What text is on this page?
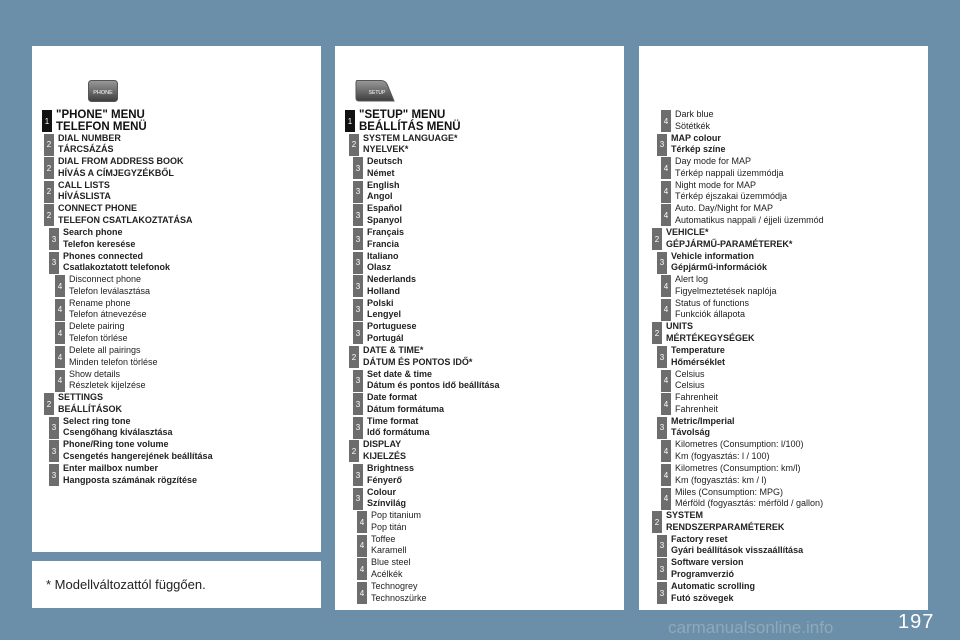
PHONE
1 "PHONE" MENU
TELEFON MENÜ
2
DIAL NUMBER
TÁRCSÁZÁS
2
DIAL FROM ADDRESS BOOK
HÍVÁS A CÍMJEGYZÉKBŐL
2
CALL LISTS
HÍVÁSLISTA
2
CONNECT PHONE
TELEFON CSATLAKOZTATÁSA
3
Search phone
Telefon keresése
3
Phones connected
Csatlakoztatott telefonok
4
Disconnect phone
Telefon leválasztása
4
Rename phone
Telefon átnevezése
4
Delete pairing
Telefon törlése
4
Delete all pairings
Minden telefon törlése
4
Show details
Részletek kijelzése
2
SETTINGS
BEÁLLÍTÁSOK
3
Select ring tone
Csengőhang kiválasztása
3
Phone/Ring tone volume
Csengetés hangerejének beállítása
3
Enter mailbox number
Hangposta számának rögzítése
SETUP
1 "SETUP" MENU
BEÁLLÍTÁS MENÜ
2
SYSTEM LANGUAGE*
NYELVEK*
3
Deutsch
Német
3
English
Angol
3
Español
Spanyol
3
Français
Francia
3
Italiano
Olasz
3
Nederlands
Holland
3
Polski
Lengyel
3
Portuguese
Portugál
2
DATE & TIME*
DÁTUM ÉS PONTOS IDŐ*
3
Set date & time
Dátum és pontos idő beállítása
3
Date format
Dátum formátuma
3
Time format
Idő formátuma
2
DISPLAY
KIJELZÉS
3
Brightness
Fényerő
3
Colour
Színvilág
4
Pop titanium
Pop titán
4
Toffee
Karamell
4
Blue steel
Acélkék
4
Technogrey
Technoszürke
4
Dark blue
Sötétkék
3
MAP colour
Térkép színe
4
Day mode for MAP
Térkép nappali üzemmódja
4
Night mode for MAP
Térkép éjszakai üzemmódja
4
Auto. Day/Night for MAP
Automatikus nappali / éjjeli üzemmód
2
VEHICLE*
GÉPJÁRMŰ-PARAMÉTEREK*
3
Vehicle information
Gépjármű-információk
4
Alert log
Figyelmeztetések naplója
4
Status of functions
Funkciók állapota
2
UNITS
MÉRTÉKEGYSÉGEK
3
Temperature
Hőmérséklet
4
Celsius
Celsius
4
Fahrenheit
Fahrenheit
3
Metric/Imperial
Távolság
4
Kilometres (Consumption: l/100)
Km (fogyasztás: l / 100)
4
Kilometres (Consumption: km/l)
Km (fogyasztás: km / l)
4
Miles (Consumption: MPG)
Mérföld (fogyasztás: mérföld / gallon)
2
SYSTEM
RENDSZERPARAMÉTEREK
3
Factory reset
Gyári beállítások visszaállítása
3
Software version
Programverzió
3
Automatic scrolling
Futó szövegek
* Modellváltozattól függően.
carmanualsonline.info	197
